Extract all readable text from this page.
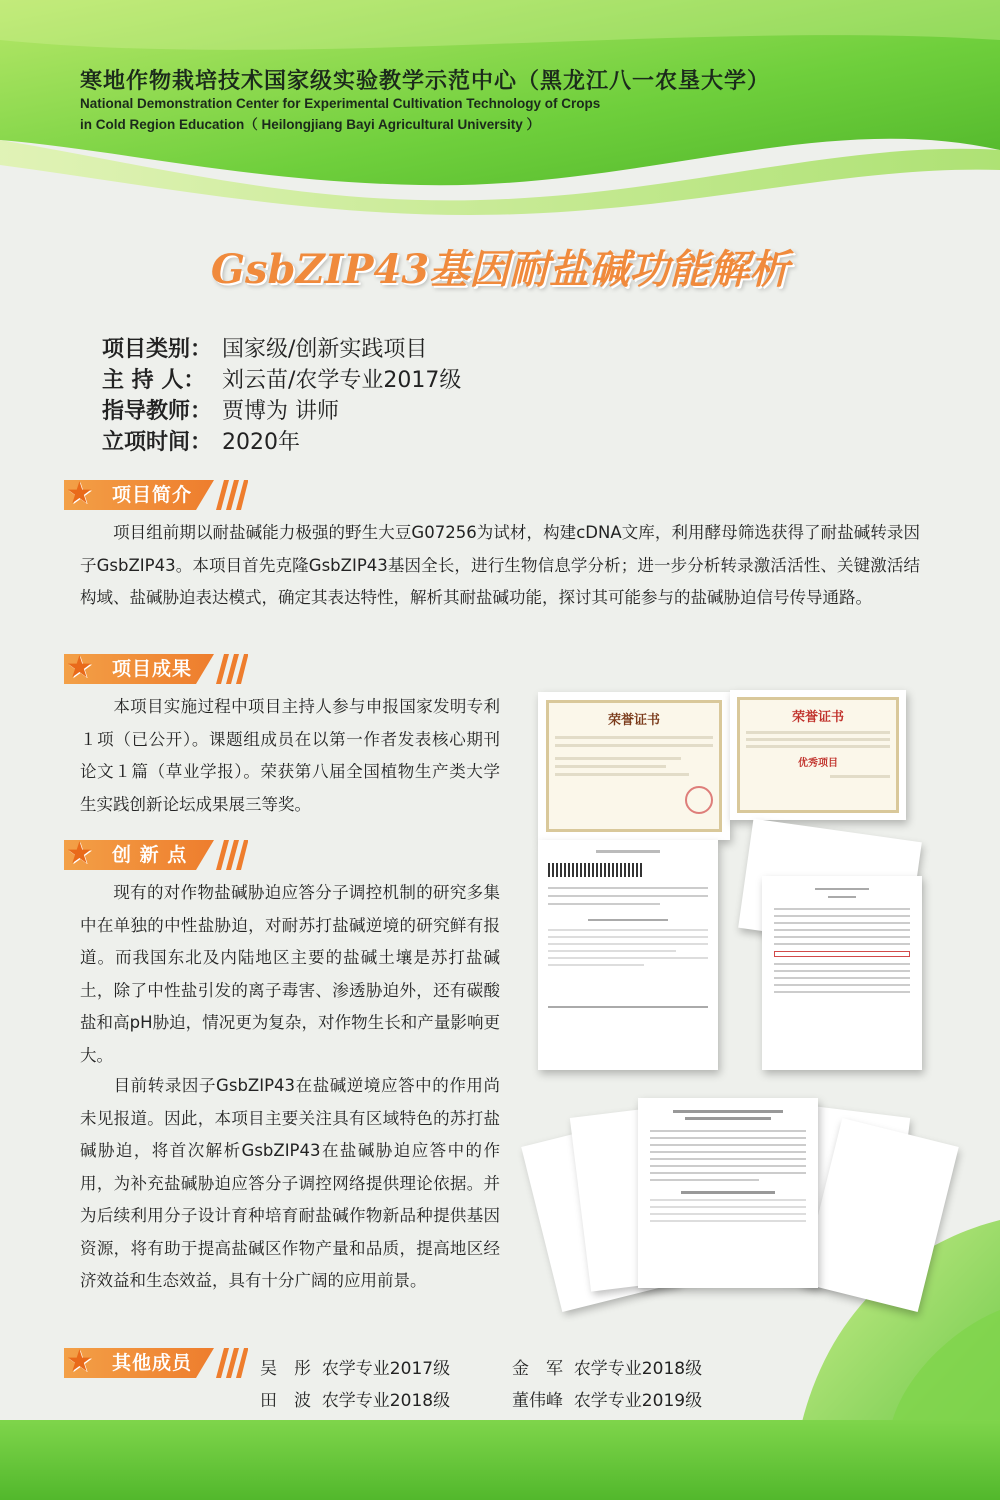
寒地作物栽培技术国家级实验教学示范中心（黑龙江八一农垦大学）
National Demonstration Center for Experimental Cultivation Technology of Crops
in Cold Region Education（ Heilongjiang Bayi Agricultural University ）
GsbZIP43基因耐盐碱功能解析
项目类别： 国家级/创新实践项目
主 持 人： 刘云苗/农学专业2017级
指导教师： 贾博为 讲师
立项时间： 2020年
★ 项目简介
项目组前期以耐盐碱能力极强的野生大豆G07256为试材，构建cDNA文库，利用酵母筛选获得了耐盐碱转录因子GsbZIP43。本项目首先克隆GsbZIP43基因全长，进行生物信息学分析；进一步分析转录激活活性、关键激活结构域、盐碱胁迫表达模式，确定其表达特性，解析其耐盐碱功能，探讨其可能参与的盐碱胁迫信号传导通路。
★ 项目成果
本项目实施过程中项目主持人参与申报国家发明专利１项（已公开）。课题组成员在以第一作者发表核心期刊论文１篇（草业学报）。荣获第八届全国植物生产类大学生实践创新论坛成果展三等奖。
★ 创 新 点
现有的对作物盐碱胁迫应答分子调控机制的研究多集中在单独的中性盐胁迫，对耐苏打盐碱逆境的研究鲜有报道。而我国东北及内陆地区主要的盐碱土壤是苏打盐碱土，除了中性盐引发的离子毒害、渗透胁迫外，还有碳酸盐和高pH胁迫，情况更为复杂，对作物生长和产量影响更大。
目前转录因子GsbZIP43在盐碱逆境应答中的作用尚未见报道。因此，本项目主要关注具有区域特色的苏打盐碱胁迫，将首次解析GsbZIP43在盐碱胁迫应答中的作用，为补充盐碱胁迫应答分子调控网络提供理论依据。并为后续利用分子设计育种培育耐盐碱作物新品种提供基因资源，将有助于提高盐碱区作物产量和品质，提高地区经济效益和生态效益，具有十分广阔的应用前景。
荣誉证书	荣誉证书
优秀项目
★ 其他成员	吴　彤 农学专业2017级	金　军 农学专业2018级
田　波 农学专业2018级	董伟峰 农学专业2019级
